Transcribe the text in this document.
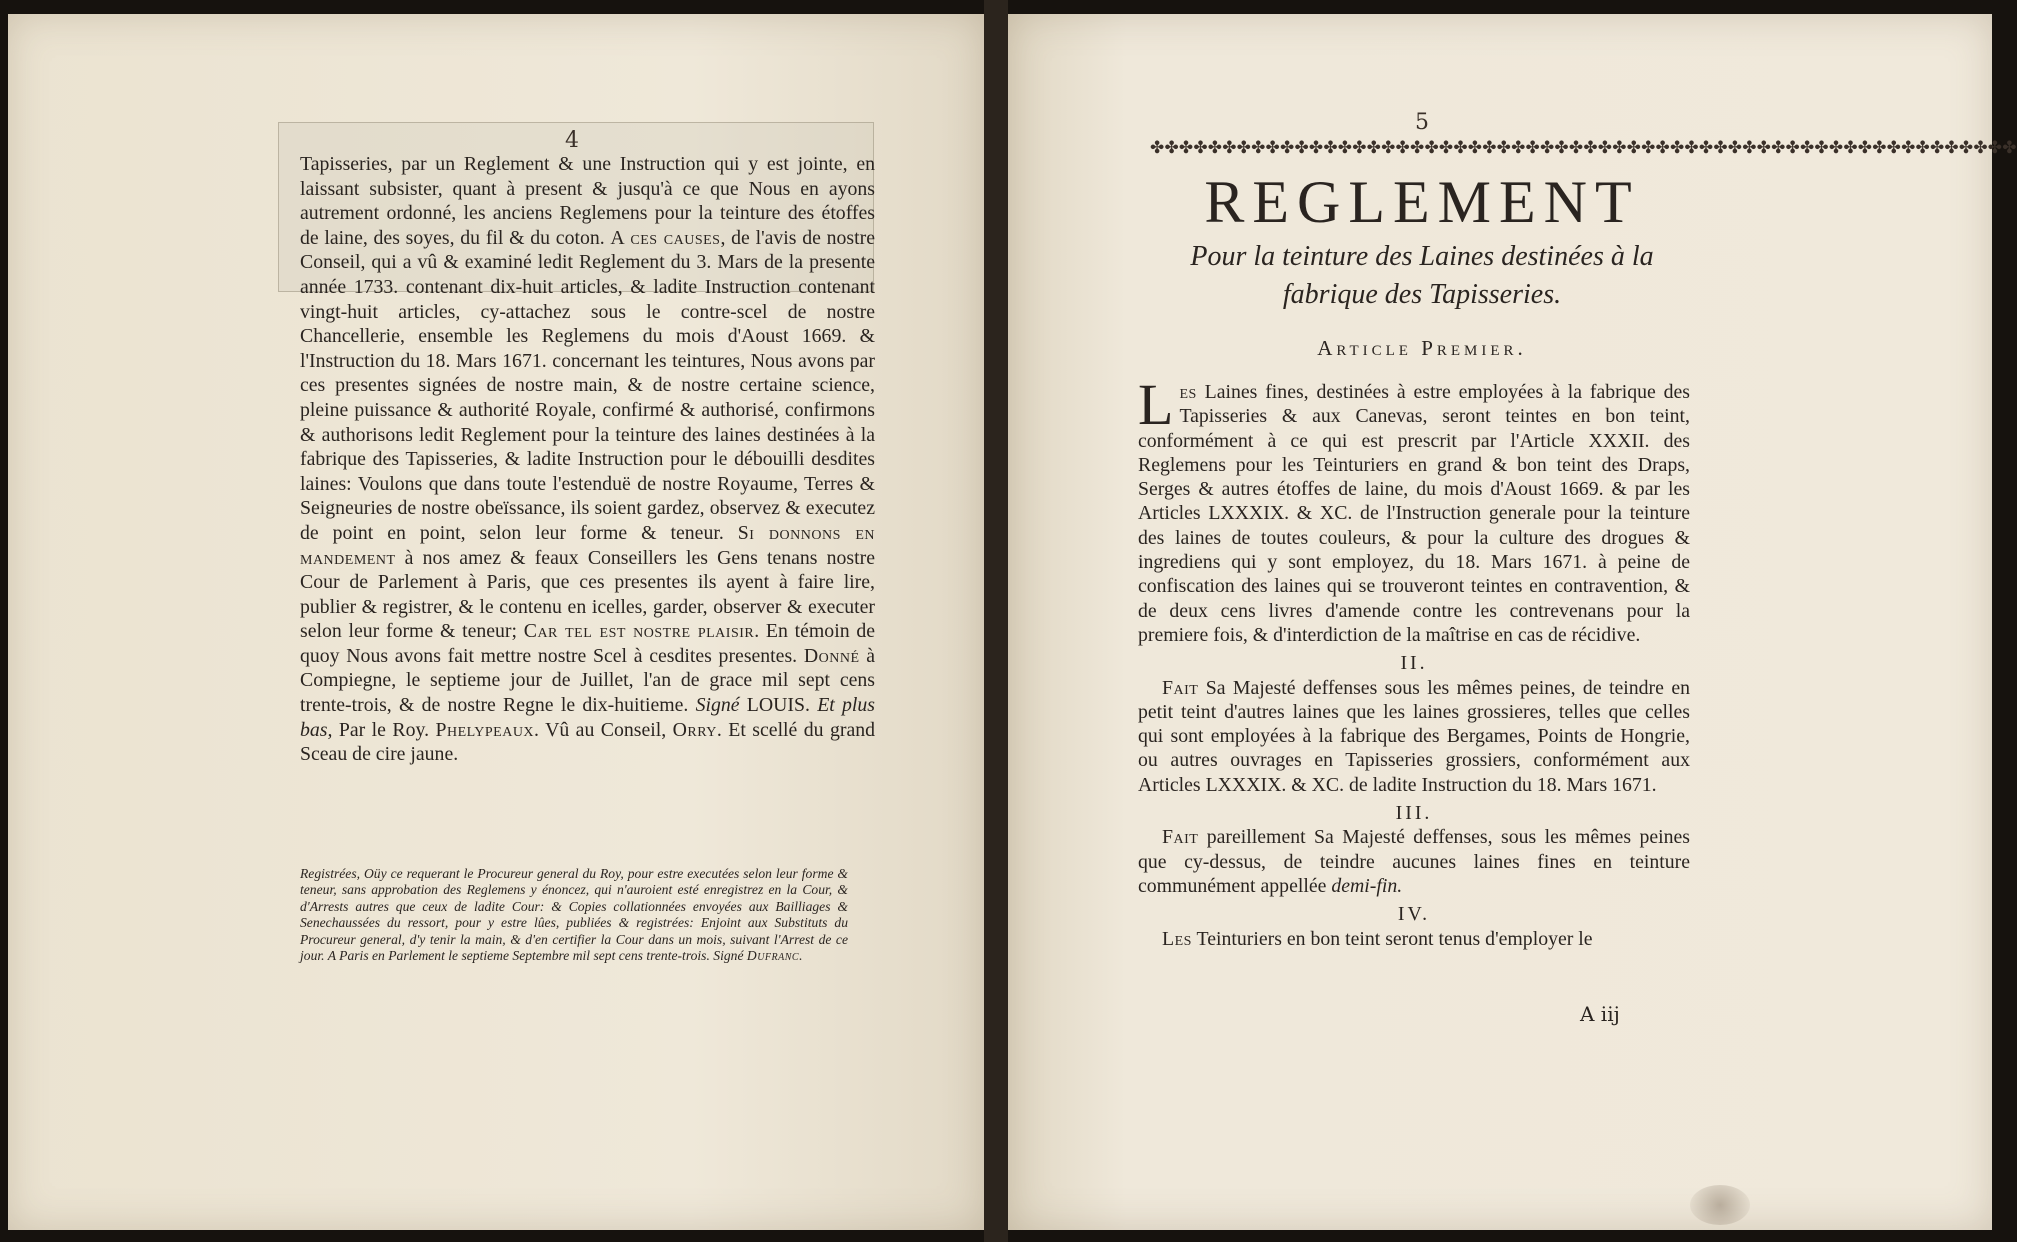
4

Tapisseries, par un Reglement & une Instruction qui y est jointe, en laissant subsister, quant à present & jusqu'à ce que Nous en ayons autrement ordonné, les anciens Reglemens pour la teinture des étoffes de laine, des soyes, du fil & du coton. A ces causes, de l'avis de nostre Conseil, qui a vû & examiné ledit Reglement du 3. Mars de la presente année 1733. contenant dix-huit articles, & ladite Instruction contenant vingt-huit articles, cy-attachez sous le contre-scel de nostre Chancellerie, ensemble les Reglemens du mois d'Aoust 1669. & l'Instruction du 18. Mars 1671. concernant les teintures, Nous avons par ces presentes signées de nostre main, & de nostre certaine science, pleine puissance & authorité Royale, confirmé & authorisé, confirmons & authorisons ledit Reglement pour la teinture des laines destinées à la fabrique des Tapisseries, & ladite Instruction pour le débouilli desdites laines: Voulons que dans toute l'estenduë de nostre Royaume, Terres & Seigneuries de nostre obeïssance, ils soient gardez, observez & executez de point en point, selon leur forme & teneur. Si donnons en mandement à nos amez & feaux Conseillers les Gens tenans nostre Cour de Parlement à Paris, que ces presentes ils ayent à faire lire, publier & registrer, & le contenu en icelles, garder, observer & executer selon leur forme & teneur; Car tel est nostre plaisir. En témoin de quoy Nous avons fait mettre nostre Scel à cesdites presentes. Donné à Compiegne, le septieme jour de Juillet, l'an de grace mil sept cens trente-trois, & de nostre Regne le dix-huitieme. Signé LOUIS. Et plus bas, Par le Roy. Phelypeaux. Vû au Conseil, Orry. Et scellé du grand Sceau de cire jaune.

Registrées, Oüy ce requerant le Procureur general du Roy, pour estre executées selon leur forme & teneur, sans approbation des Reglemens y énoncez, qui n'auroient esté enregistrez en la Cour, & d'Arrests autres que ceux de ladite Cour: & Copies collationnées envoyées aux Bailliages & Senechaussées du ressort, pour y estre lûes, publiées & registrées: Enjoint aux Substituts du Procureur general, d'y tenir la main, & d'en certifier la Cour dans un mois, suivant l'Arrest de ce jour. A Paris en Parlement le septieme Septembre mil sept cens trente-trois. Signé Dufranc.

5
✤✤✤✤✤✤✤✤✤✤✤✤✤✤✤✤✤✤✤✤✤✤✤✤✤✤✤✤✤✤✤✤✤✤✤✤✤✤✤✤✤✤✤✤✤✤✤✤✤✤✤✤✤✤✤✤✤✤✤✤
REGLEMENT
Pour la teinture des Laines destinées à la fabrique des Tapisseries.
Article Premier.

Les Laines fines, destinées à estre employées à la fabrique des Tapisseries & aux Canevas, seront teintes en bon teint, conformément à ce qui est prescrit par l'Article XXXII. des Reglemens pour les Teinturiers en grand & bon teint des Draps, Serges & autres étoffes de laine, du mois d'Aoust 1669. & par les Articles LXXXIX. & XC. de l'Instruction generale pour la teinture des laines de toutes couleurs, & pour la culture des drogues & ingrediens qui y sont employez, du 18. Mars 1671. à peine de confiscation des laines qui se trouveront teintes en contravention, & de deux cens livres d'amende contre les contrevenans pour la premiere fois, & d'interdiction de la maîtrise en cas de récidive.

II.

Fait Sa Majesté deffenses sous les mêmes peines, de teindre en petit teint d'autres laines que les laines grossieres, telles que celles qui sont employées à la fabrique des Bergames, Points de Hongrie, ou autres ouvrages en Tapisseries grossiers, conformément aux Articles LXXXIX. & XC. de ladite Instruction du 18. Mars 1671.

III.

Fait pareillement Sa Majesté deffenses, sous les mêmes peines que cy-dessus, de teindre aucunes laines fines en teinture communément appellée demi-fin.

IV.

Les Teinturiers en bon teint seront tenus d'employer le

A iij
